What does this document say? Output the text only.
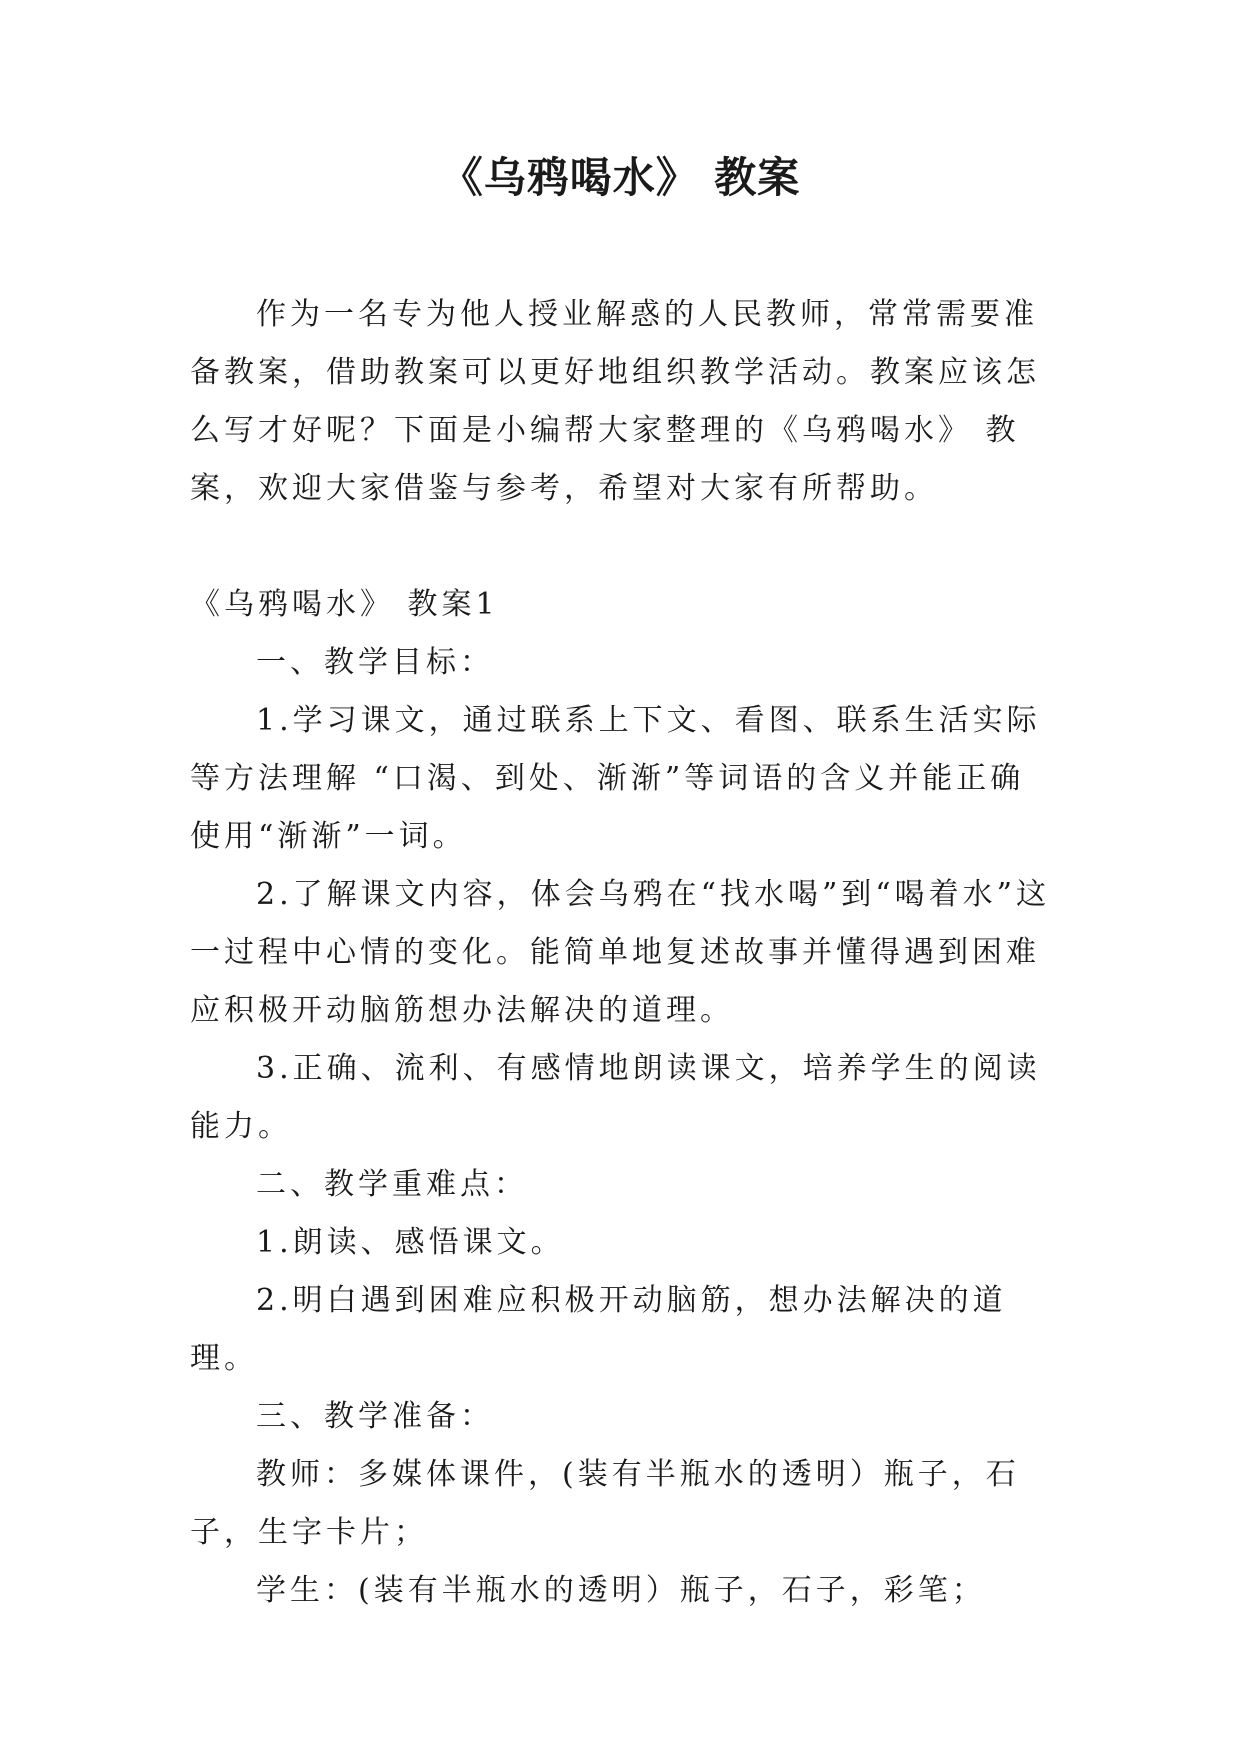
《乌鸦喝水》 教案

作为一名专为他人授业解惑的人民教师，常常需要准备教案，借助教案可以更好地组织教学活动。教案应该怎么写才好呢？下面是小编帮大家整理的《乌鸦喝水》 教案，欢迎大家借鉴与参考，希望对大家有所帮助。

《乌鸦喝水》 教案1

一、教学目标：

1.学习课文，通过联系上下文、看图、联系生活实际等方法理解 “口渴、到处、渐渐”等词语的含义并能正确使用“渐渐”一词。

2.了解课文内容，体会乌鸦在“找水喝”到“喝着水”这一过程中心情的变化。能简单地复述故事并懂得遇到困难应积极开动脑筋想办法解决的道理。

3.正确、流利、有感情地朗读课文，培养学生的阅读能力。

二、教学重难点：

1.朗读、感悟课文。

2.明白遇到困难应积极开动脑筋，想办法解决的道理。

三、教学准备：

教师：多媒体课件，(装有半瓶水的透明）瓶子，石子，生字卡片；

学生：(装有半瓶水的透明）瓶子，石子，彩笔；
